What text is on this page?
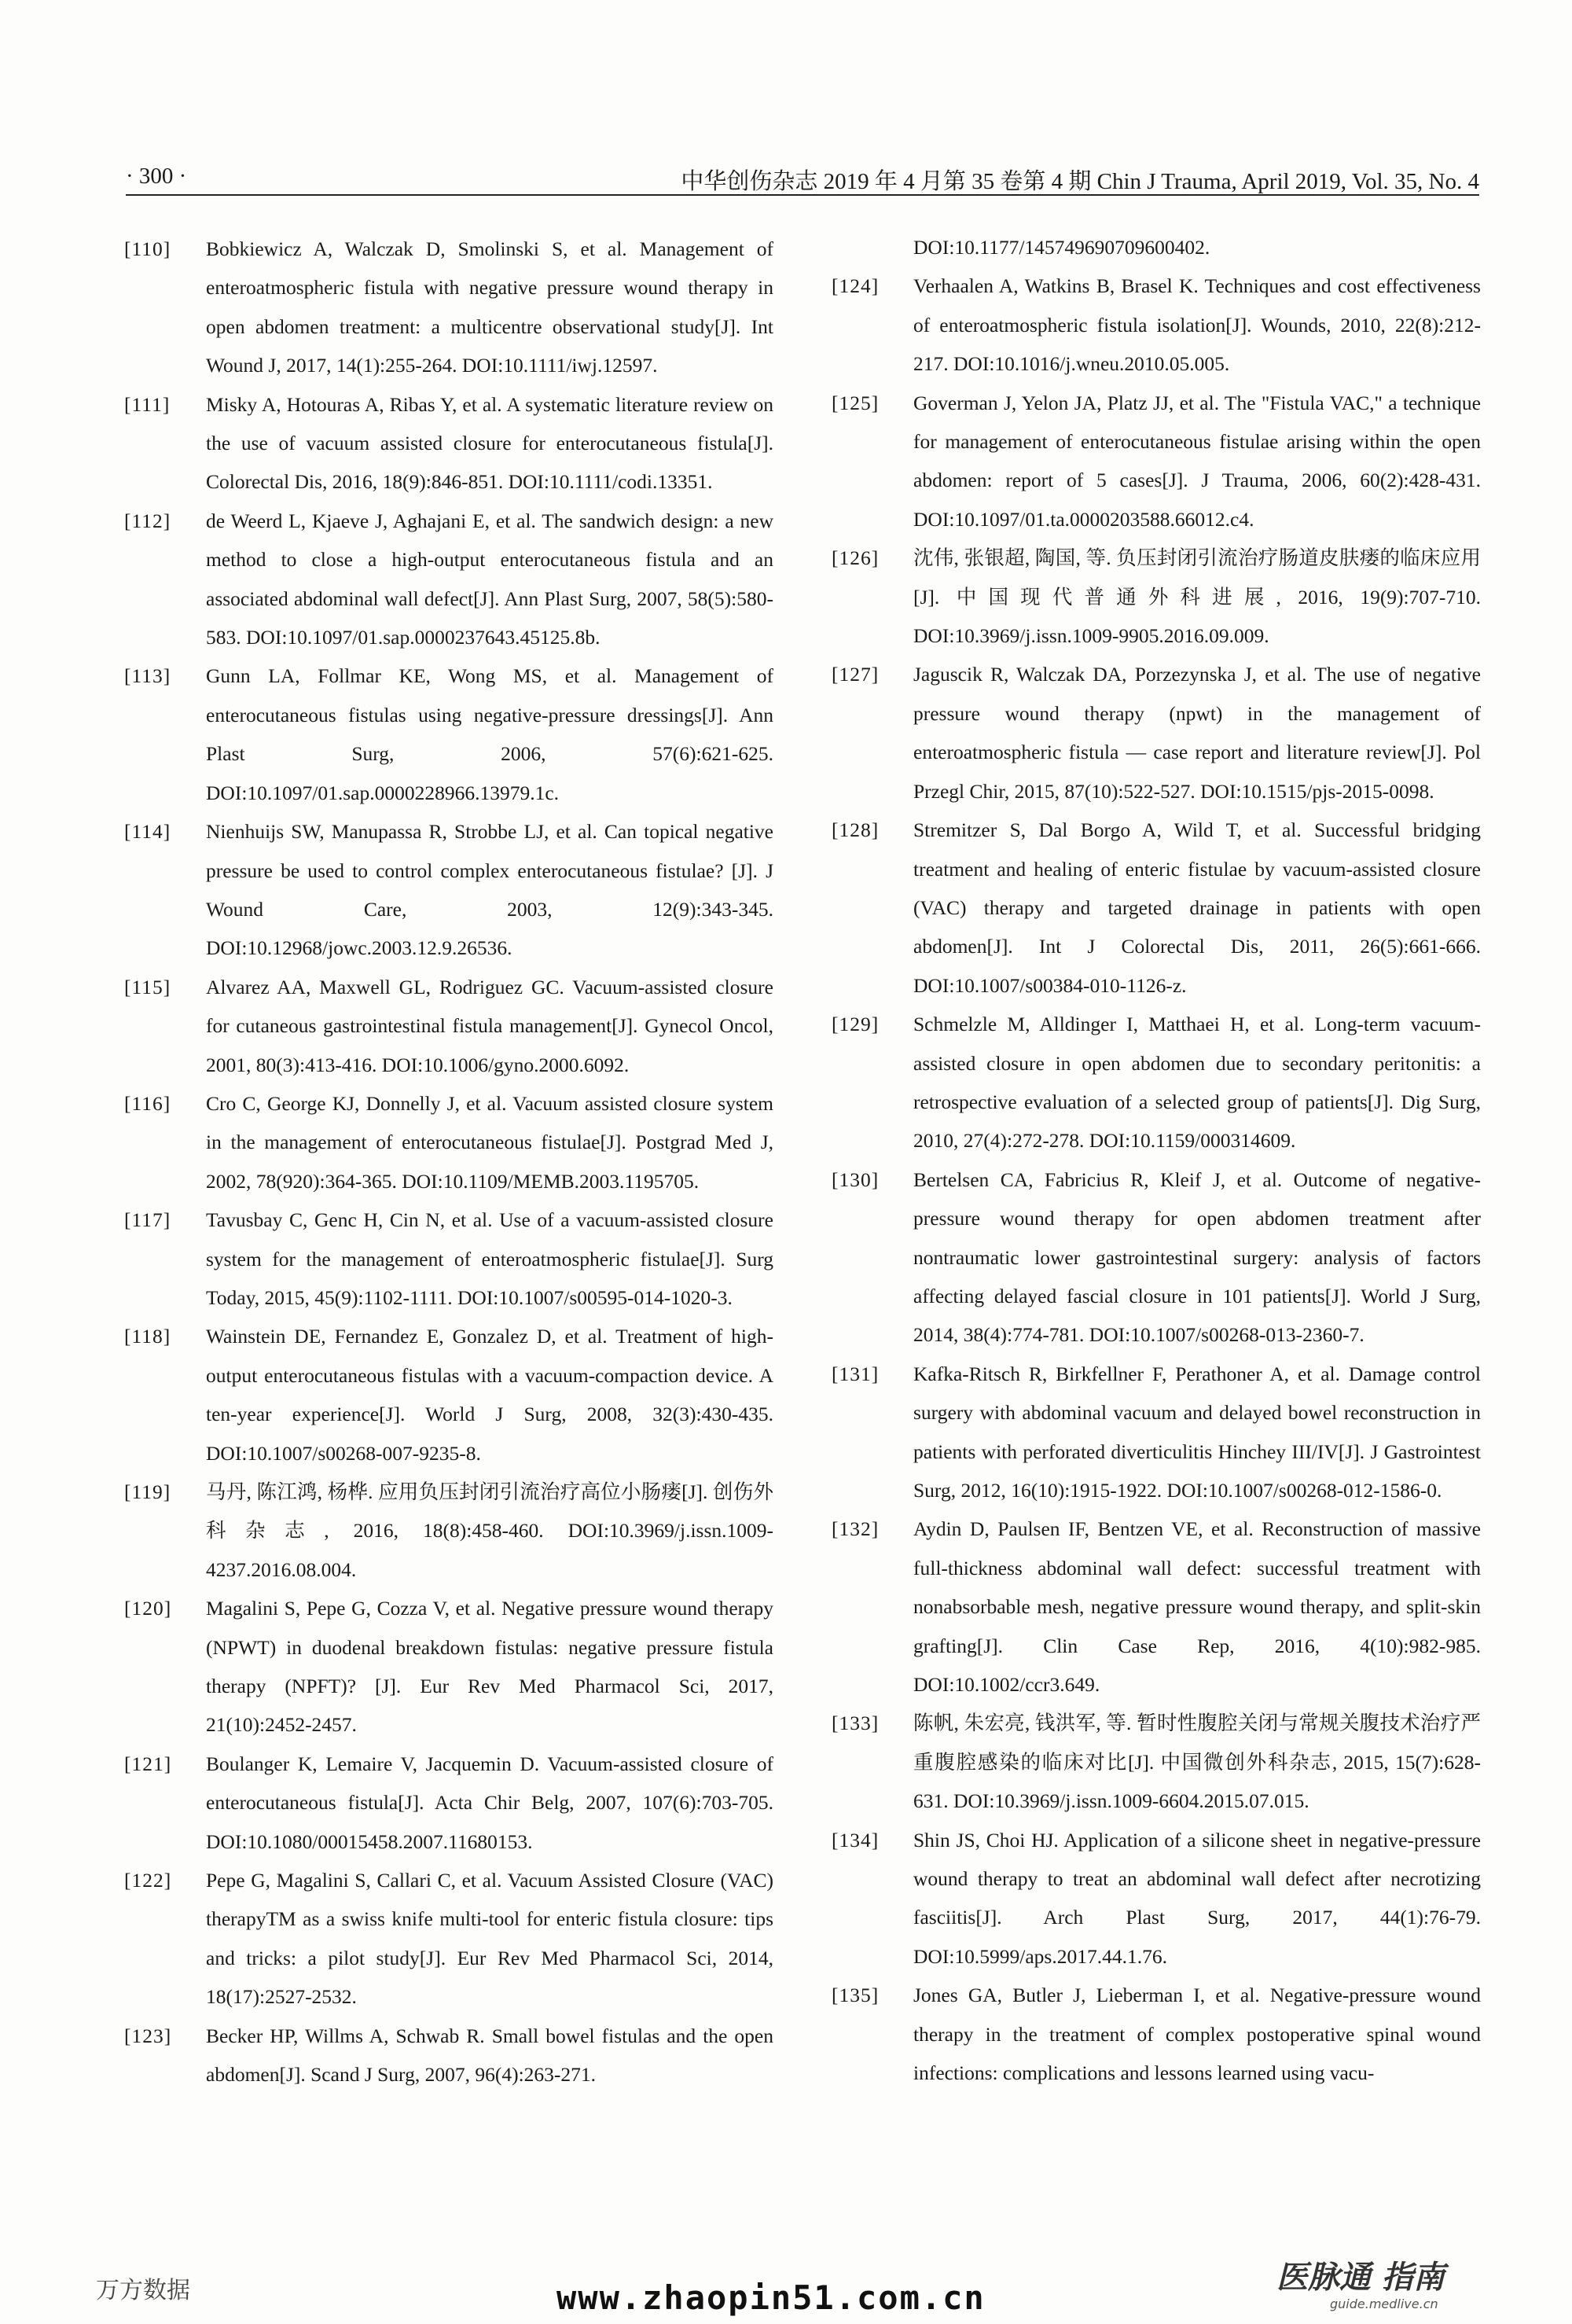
· 300 ·	中华创伤杂志 2019 年 4 月第 35 卷第 4 期 Chin J Trauma, April 2019, Vol. 35, No. 4
[110]	Bobkiewicz A, Walczak D, Smolinski S, et al. Management of enteroatmospheric fistula with negative pressure wound therapy in open abdomen treatment: a multicentre observational study[J]. Int Wound J, 2017, 14(1):255-264. DOI:10.1111/iwj.12597.
[111]	Misky A, Hotouras A, Ribas Y, et al. A systematic literature review on the use of vacuum assisted closure for enterocutaneous fistula[J]. Colorectal Dis, 2016, 18(9):846-851. DOI:10.1111/codi.13351.
[112]	de Weerd L, Kjaeve J, Aghajani E, et al. The sandwich design: a new method to close a high-output enterocutaneous fistula and an associated abdominal wall defect[J]. Ann Plast Surg, 2007, 58(5):580-583. DOI:10.1097/01.sap.0000237643.45125.8b.
[113]	Gunn LA, Follmar KE, Wong MS, et al. Management of enterocutaneous fistulas using negative-pressure dressings[J]. Ann Plast Surg, 2006, 57(6):621-625. DOI:10.1097/01.sap.0000228966.13979.1c.
[114]	Nienhuijs SW, Manupassa R, Strobbe LJ, et al. Can topical negative pressure be used to control complex enterocutaneous fistulae? [J]. J Wound Care, 2003, 12(9):343-345. DOI:10.12968/jowc.2003.12.9.26536.
[115]	Alvarez AA, Maxwell GL, Rodriguez GC. Vacuum-assisted closure for cutaneous gastrointestinal fistula management[J]. Gynecol Oncol, 2001, 80(3):413-416. DOI:10.1006/gyno.2000.6092.
[116]	Cro C, George KJ, Donnelly J, et al. Vacuum assisted closure system in the management of enterocutaneous fistulae[J]. Postgrad Med J, 2002, 78(920):364-365. DOI:10.1109/MEMB.2003.1195705.
[117]	Tavusbay C, Genc H, Cin N, et al. Use of a vacuum-assisted closure system for the management of enteroatmospheric fistulae[J]. Surg Today, 2015, 45(9):1102-1111. DOI:10.1007/s00595-014-1020-3.
[118]	Wainstein DE, Fernandez E, Gonzalez D, et al. Treatment of high-output enterocutaneous fistulas with a vacuum-compaction device. A ten-year experience[J]. World J Surg, 2008, 32(3):430-435. DOI:10.1007/s00268-007-9235-8.
[119]	马丹, 陈江鸿, 杨桦. 应用负压封闭引流治疗高位小肠瘘[J]. 创伤外科杂志, 2016, 18(8):458-460. DOI:10.3969/j.issn.1009-4237.2016.08.004.
[120]	Magalini S, Pepe G, Cozza V, et al. Negative pressure wound therapy (NPWT) in duodenal breakdown fistulas: negative pressure fistula therapy (NPFT)? [J]. Eur Rev Med Pharmacol Sci, 2017, 21(10):2452-2457.
[121]	Boulanger K, Lemaire V, Jacquemin D. Vacuum-assisted closure of enterocutaneous fistula[J]. Acta Chir Belg, 2007, 107(6):703-705. DOI:10.1080/00015458.2007.11680153.
[122]	Pepe G, Magalini S, Callari C, et al. Vacuum Assisted Closure (VAC) therapyTM as a swiss knife multi-tool for enteric fistula closure: tips and tricks: a pilot study[J]. Eur Rev Med Pharmacol Sci, 2014, 18(17):2527-2532.
[123]	Becker HP, Willms A, Schwab R. Small bowel fistulas and the open abdomen[J]. Scand J Surg, 2007, 96(4):263-271.
DOI:10.1177/145749690709600402.
[124]	Verhaalen A, Watkins B, Brasel K. Techniques and cost effectiveness of enteroatmospheric fistula isolation[J]. Wounds, 2010, 22(8):212-217. DOI:10.1016/j.wneu.2010.05.005.
[125]	Goverman J, Yelon JA, Platz JJ, et al. The "Fistula VAC," a technique for management of enterocutaneous fistulae arising within the open abdomen: report of 5 cases[J]. J Trauma, 2006, 60(2):428-431. DOI:10.1097/01.ta.0000203588.66012.c4.
[126]	沈伟, 张银超, 陶国, 等. 负压封闭引流治疗肠道皮肤瘘的临床应用[J]. 中国现代普通外科进展, 2016, 19(9):707-710. DOI:10.3969/j.issn.1009-9905.2016.09.009.
[127]	Jaguscik R, Walczak DA, Porzezynska J, et al. The use of negative pressure wound therapy (npwt) in the management of enteroatmospheric fistula — case report and literature review[J]. Pol Przegl Chir, 2015, 87(10):522-527. DOI:10.1515/pjs-2015-0098.
[128]	Stremitzer S, Dal Borgo A, Wild T, et al. Successful bridging treatment and healing of enteric fistulae by vacuum-assisted closure (VAC) therapy and targeted drainage in patients with open abdomen[J]. Int J Colorectal Dis, 2011, 26(5):661-666. DOI:10.1007/s00384-010-1126-z.
[129]	Schmelzle M, Alldinger I, Matthaei H, et al. Long-term vacuum-assisted closure in open abdomen due to secondary peritonitis: a retrospective evaluation of a selected group of patients[J]. Dig Surg, 2010, 27(4):272-278. DOI:10.1159/000314609.
[130]	Bertelsen CA, Fabricius R, Kleif J, et al. Outcome of negative-pressure wound therapy for open abdomen treatment after nontraumatic lower gastrointestinal surgery: analysis of factors affecting delayed fascial closure in 101 patients[J]. World J Surg, 2014, 38(4):774-781. DOI:10.1007/s00268-013-2360-7.
[131]	Kafka-Ritsch R, Birkfellner F, Perathoner A, et al. Damage control surgery with abdominal vacuum and delayed bowel reconstruction in patients with perforated diverticulitis Hinchey III/IV[J]. J Gastrointest Surg, 2012, 16(10):1915-1922. DOI:10.1007/s00268-012-1586-0.
[132]	Aydin D, Paulsen IF, Bentzen VE, et al. Reconstruction of massive full-thickness abdominal wall defect: successful treatment with nonabsorbable mesh, negative pressure wound therapy, and split-skin grafting[J]. Clin Case Rep, 2016, 4(10):982-985. DOI:10.1002/ccr3.649.
[133]	陈帆, 朱宏亮, 钱洪军, 等. 暂时性腹腔关闭与常规关腹技术治疗严重腹腔感染的临床对比[J]. 中国微创外科杂志, 2015, 15(7):628-631. DOI:10.3969/j.issn.1009-6604.2015.07.015.
[134]	Shin JS, Choi HJ. Application of a silicone sheet in negative-pressure wound therapy to treat an abdominal wall defect after necrotizing fasciitis[J]. Arch Plast Surg, 2017, 44(1):76-79. DOI:10.5999/aps.2017.44.1.76.
[135]	Jones GA, Butler J, Lieberman I, et al. Negative-pressure wound therapy in the treatment of complex postoperative spinal wound infections: complications and lessons learned using vacu-
万方数据	www.zhaopin51.com.cn
医脉通 指南
guide.medlive.cn
